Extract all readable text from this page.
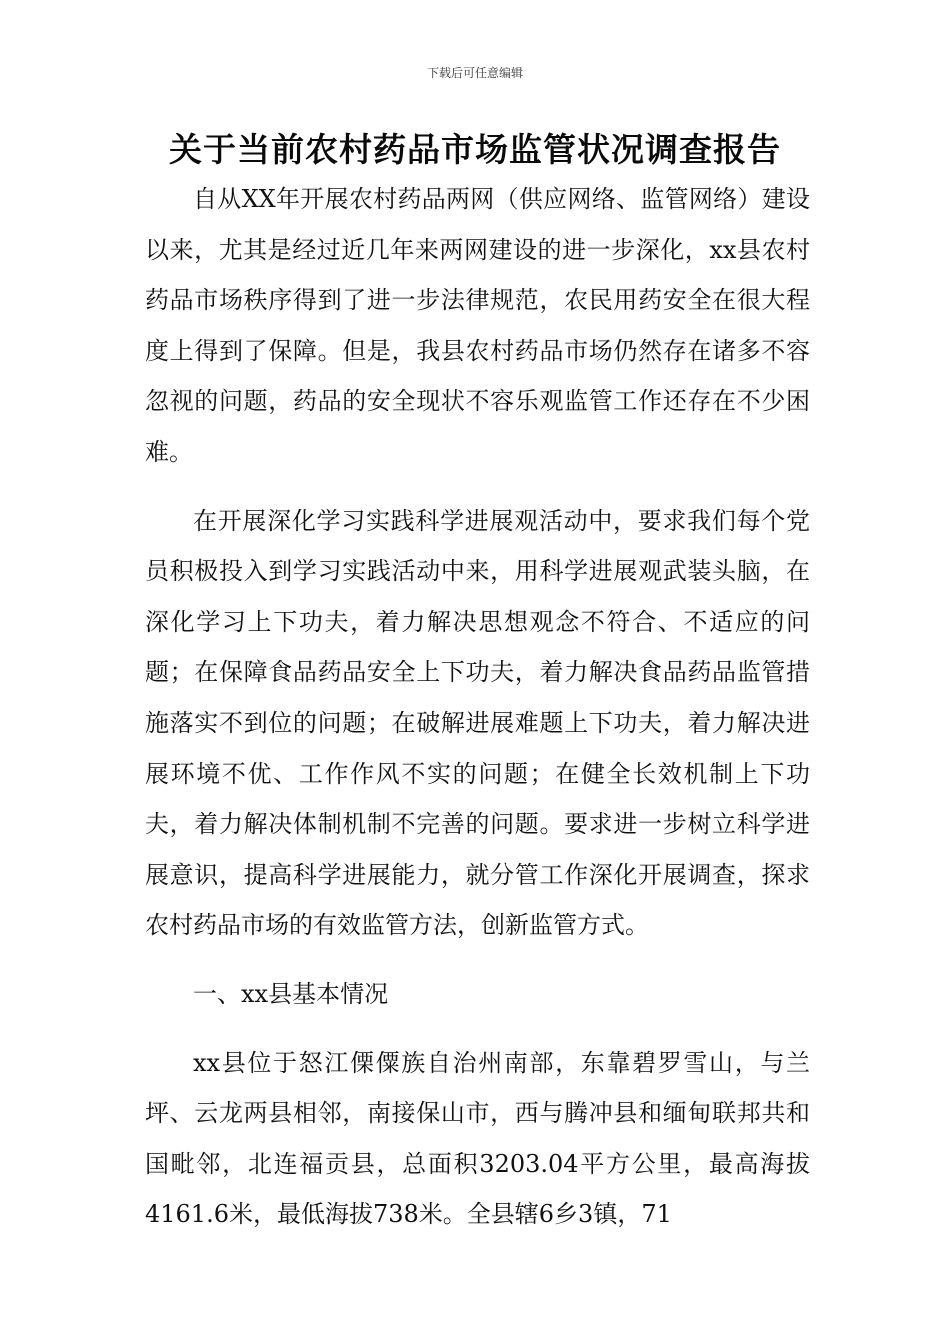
下载后可任意编辑
关于当前农村药品市场监管状况调查报告

自从XX年开展农村药品两网（供应网络、监管网络）建设以来，尤其是经过近几年来两网建设的进一步深化，xx县农村药品市场秩序得到了进一步法律规范，农民用药安全在很大程度上得到了保障。但是，我县农村药品市场仍然存在诸多不容忽视的问题，药品的安全现状不容乐观监管工作还存在不少困难。

在开展深化学习实践科学进展观活动中，要求我们每个党员积极投入到学习实践活动中来，用科学进展观武装头脑，在深化学习上下功夫，着力解决思想观念不符合、不适应的问题；在保障食品药品安全上下功夫，着力解决食品药品监管措施落实不到位的问题；在破解进展难题上下功夫，着力解决进展环境不优、工作作风不实的问题；在健全长效机制上下功夫，着力解决体制机制不完善的问题。要求进一步树立科学进展意识，提高科学进展能力，就分管工作深化开展调查，探求农村药品市场的有效监管方法，创新监管方式。

一、xx县基本情况

xx县位于怒江傈僳族自治州南部，东靠碧罗雪山，与兰坪、云龙两县相邻，南接保山市，西与腾冲县和缅甸联邦共和国毗邻，北连福贡县，总面积3203.04平方公里，最高海拔4161.6米，最低海拔738米。全县辖6乡3镇，71
